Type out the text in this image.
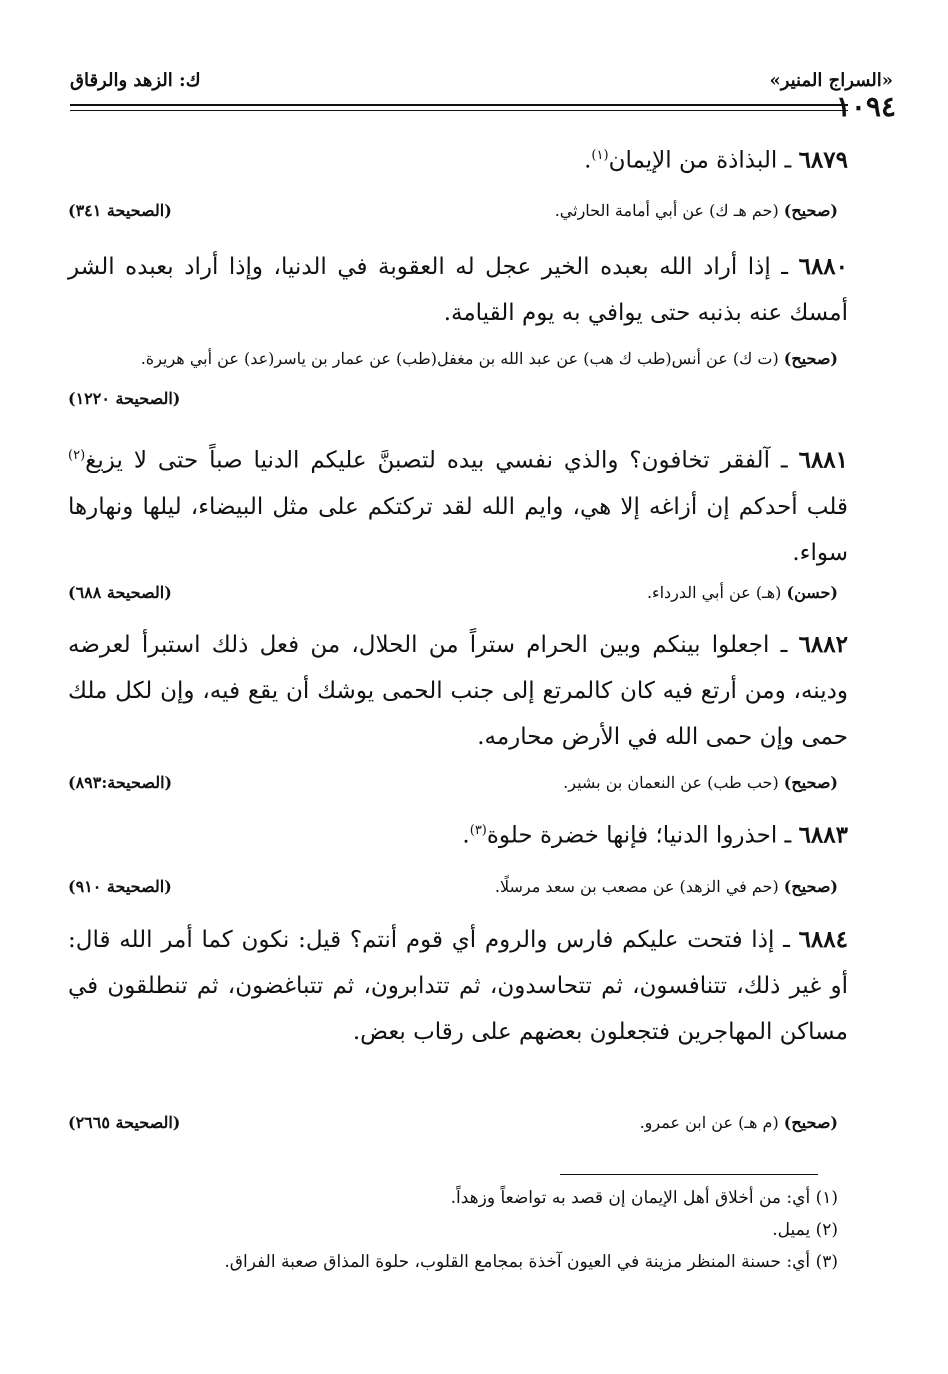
«السراج المنير»
ك: الزهد والرقاق
١٠٩٤
٦٨٧٩ ـ البذاذة من الإيمان$^{(١)}$.
(صحيح) (حم هـ ك) عن أبي أمامة الحارثي.
(الصحيحة ٣٤١)
٦٨٨٠ ـ إذا أراد الله بعبده الخير عجل له العقوبة في الدنيا، وإذا أراد بعبده الشر أمسك عنه بذنبه حتى يوافي به يوم القيامة.
(صحيح) (ت ك) عن أنس(طب ك هب) عن عبد الله بن مغفل(طب) عن عمار بن ياسر(عد) عن أبي هريرة.
(الصحيحة ١٢٢٠)
٦٨٨١ ـ آلفقر تخافون؟ والذي نفسي بيده لتصبنَّ عليكم الدنيا صباً حتى لا يزيغ$^{(٢)}$ قلب أحدكم إن أزاغه إلا هي، وايم الله لقد تركتكم على مثل البيضاء، ليلها ونهارها سواء.
(حسن) (هـ) عن أبي الدرداء.
(الصحيحة ٦٨٨)
٦٨٨٢ ـ اجعلوا بينكم وبين الحرام ستراً من الحلال، من فعل ذلك استبرأ لعرضه ودينه، ومن أرتع فيه كان كالمرتع إلى جنب الحمى يوشك أن يقع فيه، وإن لكل ملك حمى وإن حمى الله في الأرض محارمه.
(صحيح) (حب طب) عن النعمان بن بشير.
(الصحيحة:٨٩٣)
٦٨٨٣ ـ احذروا الدنيا؛ فإنها خضرة حلوة$^{(٣)}$.
(صحيح) (حم في الزهد) عن مصعب بن سعد مرسلًا.
(الصحيحة ٩١٠)
٦٨٨٤ ـ إذا فتحت عليكم فارس والروم أي قوم أنتم؟ قيل: نكون كما أمر الله قال: أو غير ذلك، تتنافسون، ثم تتحاسدون، ثم تتدابرون، ثم تتباغضون، ثم تنطلقون في مساكن المهاجرين فتجعلون بعضهم على رقاب بعض.
(صحيح) (م هـ) عن ابن عمرو.
(الصحيحة ٢٦٦٥)
(١) أي: من أخلاق أهل الإيمان إن قصد به تواضعاً وزهداً.
(٢) يميل.
(٣) أي: حسنة المنظر مزينة في العيون آخذة بمجامع القلوب، حلوة المذاق صعبة الفراق.
